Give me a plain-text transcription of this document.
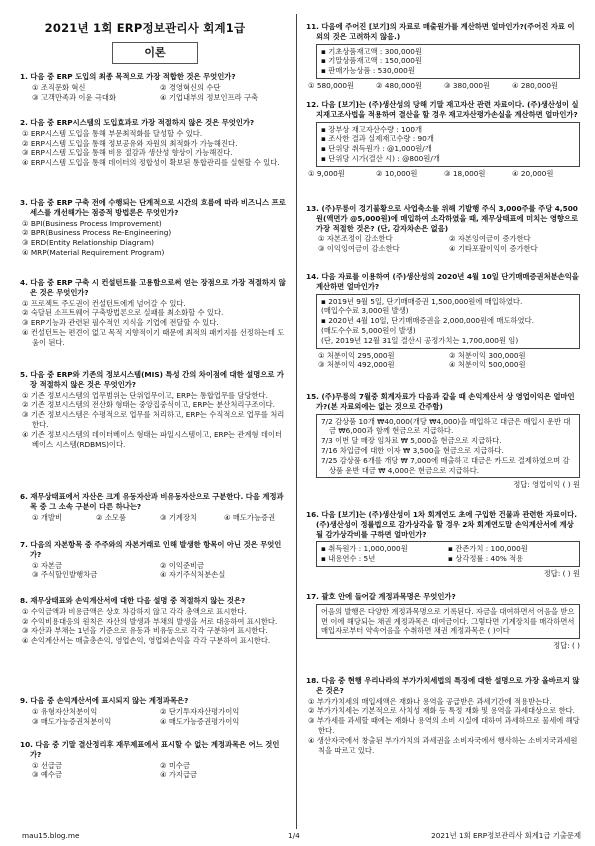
2021년 1회 ERP정보관리사 회계1급
이론
1. 다음 중 ERP 도입의 최종 목적으로 가장 적합한 것은 무엇인가?
① 조직문화 혁신	② 경영혁신의 수단
③ 고객만족과 이윤 극대화	④ 기업내부의 정보인프라 구축
2. 다음 중 ERP시스템의 도입효과로 가장 적절하지 않은 것은 무엇인가?
① ERP시스템 도입을 통해 부문최적화를 달성할 수 있다.
② ERP시스템 도입을 통해 정보공유와 자원의 최적화가 가능해진다.
③ ERP시스템 도입을 통해 비용 절감과 생산성 향상이 가능해진다.
④ ERP시스템 도입을 통해 데이터의 정합성이 확보된 통합관리를 실현할 수 있다.
3. 다음 중 ERP 구축 전에 수행되는 단계적으로 시간의 흐름에 따라 비즈니스 프로세스를 개선해가는 점증적 방법론은 무엇인가?
① BPI(Business Process Improvement)
② BPR(Business Process Re-Engineering)
③ ERD(Entity Relationship Diagram)
④ MRP(Material Requirement Program)
4. 다음 중 ERP 구축 시 컨설턴트를 고용함으로써 얻는 장점으로 가장 적절하지 않은 것은 무엇인가?
① 프로젝트 주도권이 컨설턴트에게 넘어갈 수 있다.
② 숙달된 소프트웨어 구축방법론으로 실패를 최소화할 수 있다.
③ ERP기능과 관련된 필수적인 지식을 기업에 전달할 수 있다.
④ 컨설턴트는 편견이 없고 목적 지향적이기 때문에 최적의 패키지를 선정하는데 도움이 된다.
5. 다음 중 ERP와 기존의 정보시스템(MIS) 특성 간의 차이점에 대한 설명으로 가장 적절하지 않은 것은 무엇인가?
① 기존 정보시스템의 업무범위는 단위업무이고, ERP는 통합업무를 담당한다.
② 기존 정보시스템의 전산화 형태는 중앙집중식이고, ERP는 분산처리구조이다.
③ 기존 정보시스템은 수평적으로 업무를 처리하고, ERP는 수직적으로 업무를 처리한다.
④ 기존 정보시스템의 데이터베이스 형태는 파일시스템이고, ERP는 관계형 데이터베이스 시스템(RDBMS)이다.
6. 재무상태표에서 자산은 크게 유동자산과 비유동자산으로 구분한다. 다음 계정과목 중 그 소속 구분이 다른 하나는?
① 개발비	② 소모품	③ 기계장치	④ 매도가능증권
7. 다음의 자본항목 중 주주와의 자본거래로 인해 발생한 항목이 아닌 것은 무엇인가?
① 자본금	② 이익준비금
③ 주식할인발행차금	④ 자기주식처분손실
8. 재무상태표와 손익계산서에 대한 다음 설명 중 적절하지 않는 것은?
① 수익금액과 비용금액은 상호 차감하지 않고 각각 총액으로 표시한다.
② 수익비용대응의 원칙은 자산의 발생과 부채의 발생을 서로 대응하여 표시한다.
③ 자산과 부채는 1년을 기준으로 유동과 비유동으로 각각 구분하여 표시한다.
④ 손익계산서는 매출총손익, 영업손익, 영업외손익을 각각 구분하여 표시한다.
9. 다음 중 손익계산서에 표시되지 않는 계정과목은?
① 유형자산처분이익	② 단기투자자산평가이익
③ 매도가능증권처분이익	④ 매도가능증권평가이익
10. 다음 중 기말 결산정리후 재무제표에서 표시할 수 없는 계정과목은 어느 것인가?
① 선급금	② 미수금
③ 예수금	④ 가지급금
11. 다음에 주어진 [보기]의 자료로 매출원가를 계산하면 얼마인가?(주어진 자료 이외의 것은 고려하지 않음.)
▪ 기초상품재고액 : 300,000원
▪ 기말상품재고액 : 150,000원
▪ 판매가능상품 : 530,000원
① 580,000원	② 480,000원	③ 380,000원	④ 280,000원
12. 다음 [보기]는 (주)생산성의 당해 기말 재고자산 관련 자료이다. (주)생산성이 실지재고조사법을 적용하여 결산을 할 경우 재고자산평가손실을 계산하면 얼마인가?
▪ 장부상 재고자산수량 : 100개
▪ 조사한 결과 실제재고수량 : 90개
▪ 단위당 취득원가 : @1,000원/개
▪ 단위당 시가(결산 시) : @800원/개
① 9,000원	② 10,000원	③ 18,000원	④ 20,000원
13. (주)무릉이 경기불황으로 사업축소를 위해 기발행 주식 3,000주를 주당 4,500원(액면가 @5,000원)에 매입하여 소각하였을 때, 재무상태표에 미치는 영향으로 가장 적절한 것은? (단, 감자차손은 없음)
① 자본조정이 감소한다	② 자본잉여금이 증가한다
③ 이익잉여금이 감소한다	④ 기타포괄이익이 증가한다
14. 다음 자료를 이용하여 (주)생산성의 2020년 4월 10일 단기매매증권처분손익을 계산하면 얼마인가?
▪ 2019년 9월 5일, 단기매매증권 1,500,000원에 매입하였다.
(매입수수료 3,000원 발생)
▪ 2020년 4월 10일, 단기매매증권을 2,000,000원에 매도하였다.
(매도수수료 5,000원이 발생)
(단, 2019년 12월 31일 결산시 공정가치는 1,700,000원 임)
① 처분이익 295,000원	② 처분이익 300,000원
③ 처분이익 492,000원	④ 처분이익 500,000원
15. (주)무릉의 7월중 회계자료가 다음과 같을 때 손익계산서 상 영업이익은 얼마인가?(본 자료외에는 없는 것으로 간주함)
7/2 감상품 10개 ₩40,000(개당 ₩4,000)을 매입하고 대금은 매입시 운반 대금 ₩6,000과 함께 현금으로 지급하다.
7/3 이번 달 매장 임차료 ₩ 5,000을 현금으로 지급하다.
7/16 차입금에 대한 이자 ₩ 3,500을 현금으로 지급하다.
7/25 감상품 6개를 개당 ₩ 7,000에 매출하고 대금은 카드로 결제하였으며 감상품 운반 대금 ₩ 4,000은 현금으로 지급하다.
정답: 영업이익 ( ) 원
16. 다음 [보기]는 (주)생산성이 1차 회계연도 초에 구입한 건물과 관련한 자료이다. (주)생산성이 정률법으로 감가상각을 할 경우 2차 회계연도말 손익계산서에 계상될 감가상각비를 구하면 얼마인가?
▪ 취득원가 : 1,000,000원	▪ 잔존가치 : 100,000원
▪ 내용연수 : 5년	▪ 상각정률 : 40% 적용
정답: ( ) 원
17. 괄호 안에 들어갈 계정과목명은 무엇인가?
어음의 발행은 다양한 계정과목명으로 기록된다. 자금을 대여하면서 어음을 받으면 이에 해당되는 채권 계정과목은 대여금이다. 그렇다면 기계장치를 매각하면서 매입자로부터 약속어음을 수취하면 채권 계정과목은 ( )이다
정답: ( )
18. 다음 중 현행 우리나라의 부가가치세법의 특징에 대한 설명으로 가장 올바르지 않은 것은?
① 부가가치세의 매입세액은 재화나 용역을 공급받은 과세기간에 적용받는다.
② 부가가치세는 기본적으로 사치성 재화 등 특정 재화 및 용역을 과세대상으로 한다.
③ 부가세를 과세할 때에는 재화나 용역의 소비 시실에 대하여 과세하므로 물세에 해당한다.
④ 생산자국에서 창출된 부가가치의 과세권을 소비자국에서 행사하는 소비지국과세원칙을 따르고 있다.
mau15.blog.me	1/4	2021년 1회 ERP정보관리사 회계1급 기출문제
